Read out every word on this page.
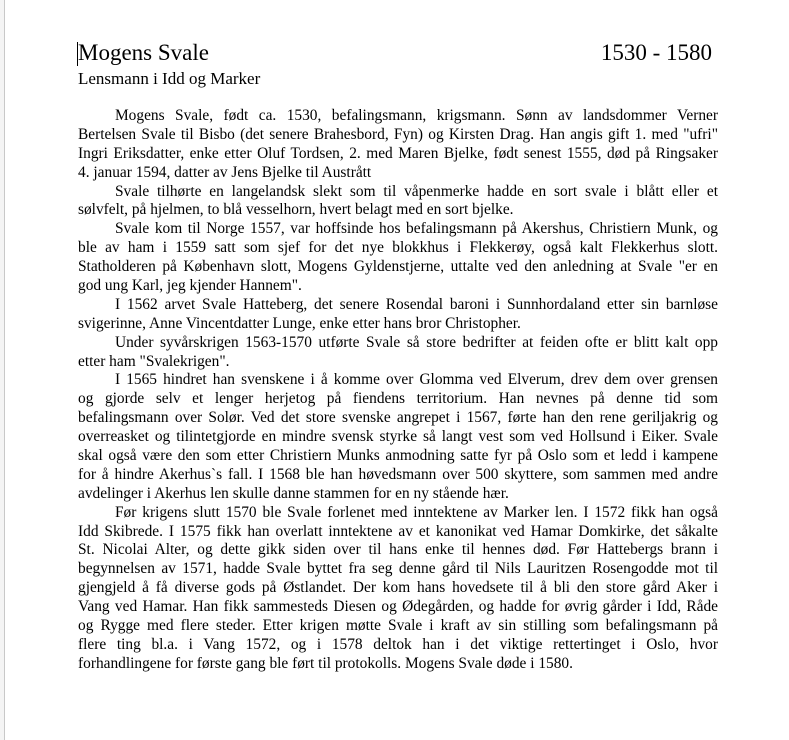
Mogens Svale	1530 - 1580
Lensmann i Idd og Marker
Mogens Svale, født ca. 1530, befalingsmann, krigsmann. Sønn av landsdommer Verner
Bertelsen Svale til Bisbo (det senere Brahesbord, Fyn) og Kirsten Drag. Han angis gift 1. med "ufri"
Ingri Eriksdatter, enke etter Oluf Tordsen, 2. med Maren Bjelke, født senest 1555, død på Ringsaker
4. januar 1594, datter av Jens Bjelke til Austrått
Svale tilhørte en langelandsk slekt som til våpenmerke hadde en sort svale i blått eller et
sølvfelt, på hjelmen, to blå vesselhorn, hvert belagt med en sort bjelke.
Svale kom til Norge 1557, var hoffsinde hos befalingsmann på Akershus, Christiern Munk, og
ble av ham i 1559 satt som sjef for det nye blokkhus i Flekkerøy, også kalt Flekkerhus slott.
Statholderen på København slott, Mogens Gyldenstjerne, uttalte ved den anledning at Svale "er en
god ung Karl, jeg kjender Hannem".
I 1562 arvet Svale Hatteberg, det senere Rosendal baroni i Sunnhordaland etter sin barnløse
svigerinne, Anne Vincentdatter Lunge, enke etter hans bror Christopher.
Under syvårskrigen 1563-1570 utførte Svale så store bedrifter at feiden ofte er blitt kalt opp
etter ham "Svalekrigen".
I 1565 hindret han svenskene i å komme over Glomma ved Elverum, drev dem over grensen
og gjorde selv et lenger herjetog på fiendens territorium. Han nevnes på denne tid som
befalingsmann over Solør. Ved det store svenske angrepet i 1567, førte han den rene geriljakrig og
overreasket og tilintetgjorde en mindre svensk styrke så langt vest som ved Hollsund i Eiker. Svale
skal også være den som etter Christiern Munks anmodning satte fyr på Oslo som et ledd i kampene
for å hindre Akerhus`s fall. I 1568 ble han høvedsmann over 500 skyttere, som sammen med andre
avdelinger i Akerhus len skulle danne stammen for en ny stående hær.
Før krigens slutt 1570 ble Svale forlenet med inntektene av Marker len. I 1572 fikk han også
Idd Skibrede. I 1575 fikk han overlatt inntektene av et kanonikat ved Hamar Domkirke, det såkalte
St. Nicolai Alter, og dette gikk siden over til hans enke til hennes død. Før Hattebergs brann i
begynnelsen av 1571, hadde Svale byttet fra seg denne gård til Nils Lauritzen Rosengodde mot til
gjengjeld å få diverse gods på Østlandet. Der kom hans hovedsete til å bli den store gård Aker i
Vang ved Hamar. Han fikk sammesteds Diesen og Ødegården, og hadde for øvrig gårder i Idd, Råde
og Rygge med flere steder. Etter krigen møtte Svale i kraft av sin stilling som befalingsmann på
flere ting bl.a. i Vang 1572, og i 1578 deltok han i det viktige rettertinget i Oslo, hvor
forhandlingene for første gang ble ført til protokolls. Mogens Svale døde i 1580.
